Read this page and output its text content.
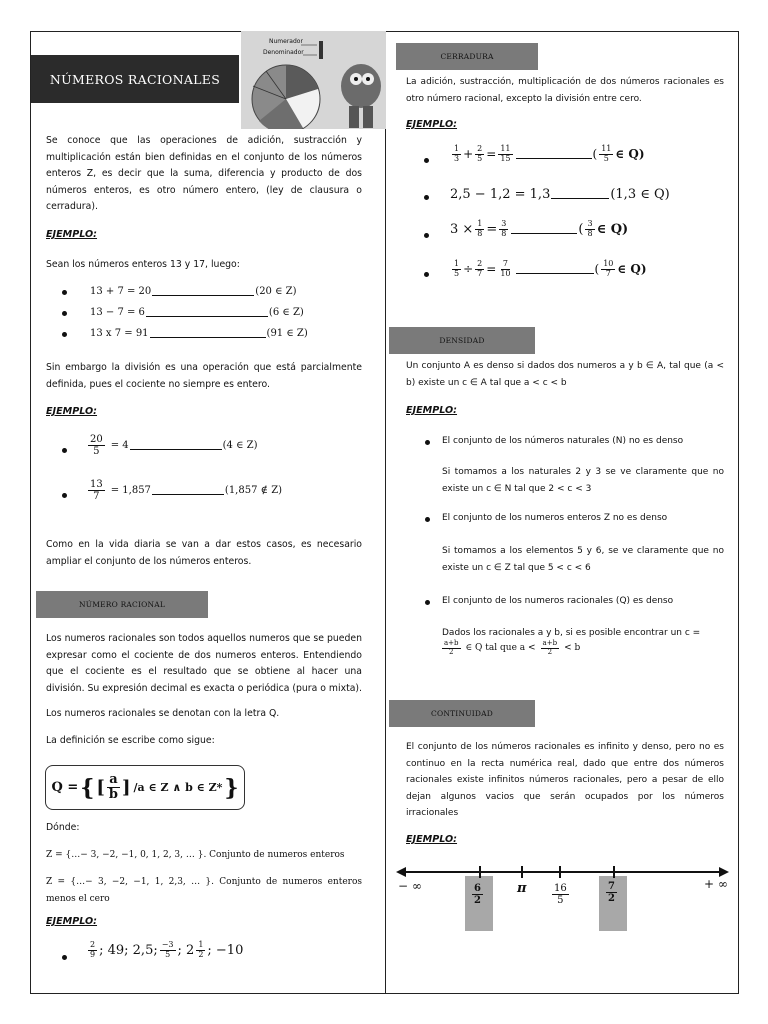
NÚMEROS RACIONALES
Numerador
Denominador
Se conoce que las operaciones de adición, sustracción y multiplicación están bien definidas en el conjunto de los números enteros Z, es decir que la suma, diferencia y producto de dos números enteros, es otro número entero, (ley de clausura o cerradura).
EJEMPLO:
Sean los números enteros 13 y 17, luego:
13 + 7 = 20	(20 ∈ Z)
13 − 7 = 6	(6 ∈ Z)
13 x 7 = 91	(91 ∈ Z)
Sin embargo la división es una operación que está parcialmente definida, pues el cociente no siempre es entero.
EJEMPLO:
$\frac{20}{5} = 4$	(4 ∈ Z)
$\frac{13}{7} = 1,857$	(1,857 ∉ Z)
Como en la vida diaria se van a dar estos casos, es necesario ampliar el conjunto de los números enteros.
NÚMERO RACIONAL
Los numeros racionales son todos aquellos numeros que se pueden expresar como el cociente de dos numeros enteros. Entendiendo que el cociente es el resultado que se obtiene al hacer una división. Su expresión decimal es exacta o periódica (pura o mixta).
Los numeros racionales se denotan con la letra Q.
La definición se escribe como sigue:
Q = { [ $\frac{a}{b}$ ] /a ∈ Z ∧ b ∈ Z* }
Dónde:
Z = {…− 3, −2, −1, 0, 1, 2, 3, … }. Conjunto de numeros enteros
Z = {…− 3, −2, −1, 1, 2,3, … }. Conjunto de numeros enteros menos el cero
EJEMPLO:
$\frac{2}{9}$ ; 49; 2,5; $\frac{-3}{5}$ ; $2 \frac{1}{2}$ ; −10
CERRADURA
La adición, sustracción, multiplicación de dos números racionales es otro número racional, excepto la división entre cero.
EJEMPLO:
$\frac{1}{3} + \frac{2}{5} = \frac{11}{15}$	( $\frac{11}{5}$ ∈ Q)
2,5 − 1,2 = 1,3	(1,3 ∈ Q)
$3 \times \frac{1}{8} = \frac{3}{8}$	( $\frac{3}{8}$ ∈ Q)
$\frac{1}{5} \div \frac{2}{7} = \frac{7}{10}$	( $\frac{10}{7}$ ∈ Q)
DENSIDAD
Un conjunto A es denso si dados dos numeros a y b ∈ A, tal que (a < b) existe un c ∈ A tal que a < c < b
EJEMPLO:
El conjunto de los números naturales (N) no es denso
Si tomamos a los naturales 2 y 3 se ve claramente que no existe un c ∈ N tal que 2 < c < 3
El conjunto de los numeros enteros Z no es denso
Si tomamos a los elementos 5 y 6, se ve claramente que no existe un c ∈ Z tal que 5 < c < 6
El conjunto de los numeros racionales (Q) es denso
Dados los racionales a y b, si es posible encontrar un c =
$\frac{a+b}{2}$ ∈ Q tal que $a < \frac{a+b}{2} < b$
CONTINUIDAD
El conjunto de los números racionales es infinito y denso, pero no es continuo en la recta numérica real, dado que entre dos números racionales existe infinitos números racionales, pero a pesar de ello dejan algunos vacios que serán ocupados por los números irracionales
EJEMPLO:
− ∞	+ ∞
$\frac{6}{2}$	π	$\frac{16}{5}$	$\frac{7}{2}$
